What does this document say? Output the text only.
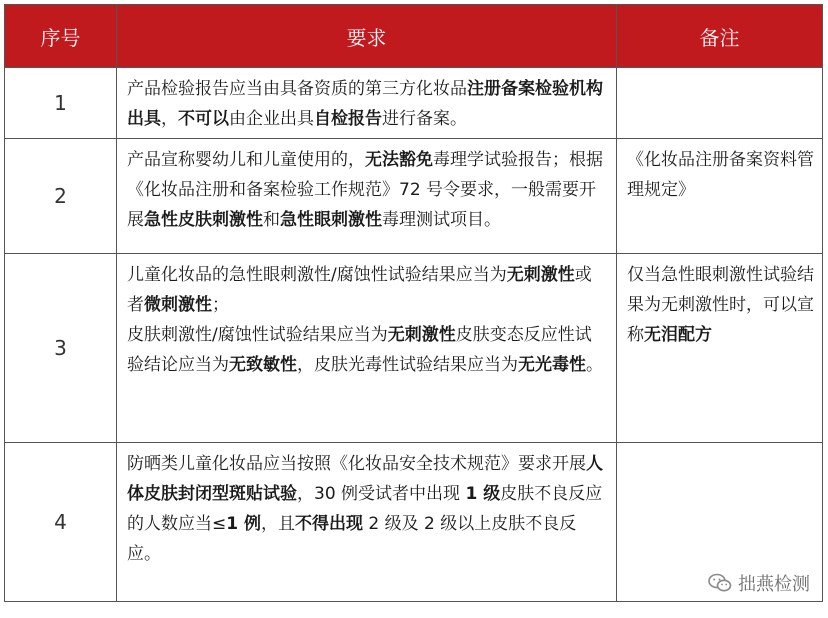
序号	要求	备注
1	产品检验报告应当由具备资质的第三方化妆品注册备案检验机构出具，不可以由企业出具自检报告进行备案。	
2	产品宣称婴幼儿和儿童使用的，无法豁免毒理学试验报告；根据《化妆品注册和备案检验工作规范》72 号令要求，一般需要开展急性皮肤刺激性和急性眼刺激性毒理测试项目。	《化妆品注册备案资料管理规定》
3	儿童化妆品的急性眼刺激性/腐蚀性试验结果应当为无刺激性或者微刺激性；
皮肤刺激性/腐蚀性试验结果应当为无刺激性皮肤变态反应性试验结论应当为无致敏性，皮肤光毒性试验结果应当为无光毒性。	仅当急性眼刺激性试验结果为无刺激性时，可以宣称无泪配方
4	防晒类儿童化妆品应当按照《化妆品安全技术规范》要求开展人体皮肤封闭型斑贴试验，30 例受试者中出现 1 级皮肤不良反应的人数应当≤1 例，且不得出现 2 级及 2 级以上皮肤不良反应。	
拙燕检测
